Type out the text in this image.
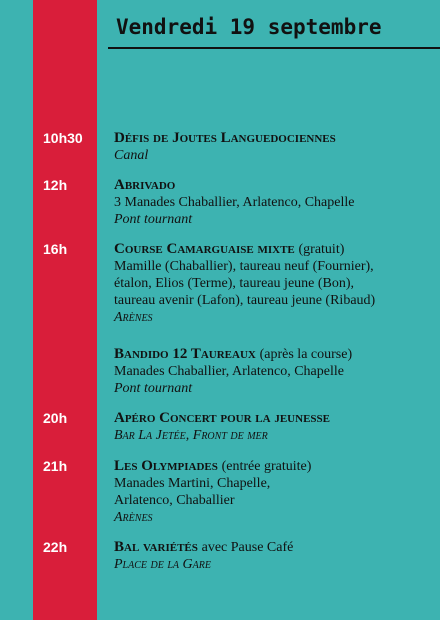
Vendredi 19 septembre
10h30 Défis de Joutes Languedociennes
Canal
12h	Abrivado
3 Manades Chaballier, Arlatenco, Chapelle
Pont tournant
16h	Course Camarguaise mixte (gratuit)
Mamille (Chaballier), taureau neuf (Fournier),
étalon, Elios (Terme), taureau jeune (Bon),
taureau avenir (Lafon), taureau jeune (Ribaud)
Arènes
Bandido 12 Taureaux (après la course)
Manades Chaballier, Arlatenco, Chapelle
Pont tournant
20h	Apéro Concert pour la jeunesse
Bar La Jetée, Front de mer
21h	Les Olympiades (entrée gratuite)
Manades Martini, Chapelle,
Arlatenco, Chaballier
Arènes
22h	Bal variétés avec Pause Café
Place de la Gare
